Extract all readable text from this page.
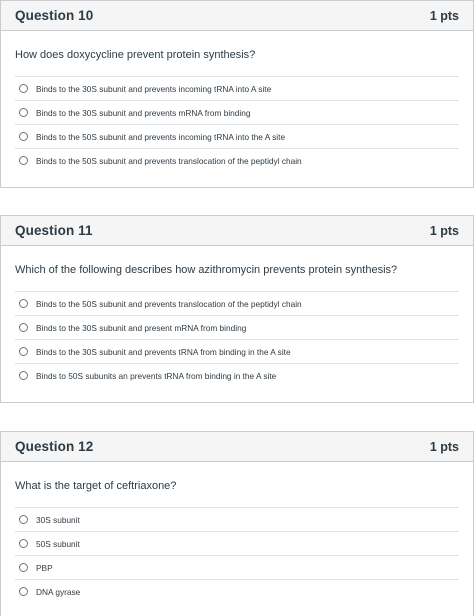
Question 10	1 pts
How does doxycycline prevent protein synthesis?
Binds to the 30S subunit and prevents incoming tRNA into A site
Binds to the 30S subunit and prevents mRNA from binding
Binds to the 50S subunit and prevents incoming tRNA into the A site
Binds to the 50S subunit and prevents translocation of the peptidyl chain
Question 11	1 pts
Which of the following describes how azithromycin prevents protein synthesis?
Binds to the 50S subunit and prevents translocation of the peptidyl chain
Binds to the 30S subunit and present mRNA from binding
Binds to the 30S subunit and prevents tRNA from binding in the A site
Binds to 50S subunits an prevents tRNA from binding in the A site
Question 12	1 pts
What is the target of ceftriaxone?
30S subunit
50S subunit
PBP
DNA gyrase
